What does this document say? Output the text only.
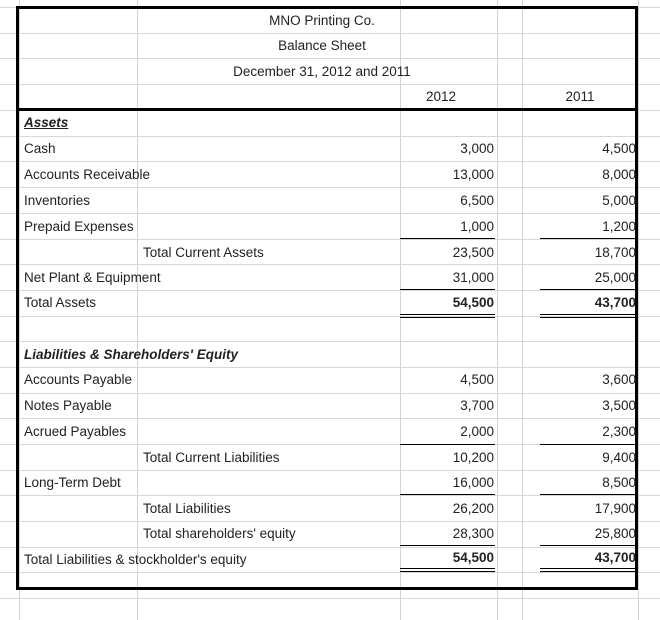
MNO Printing Co.
Balance Sheet
December 31, 2012 and 2011
2012	2011
Assets
Cash	3,000	4,500
Accounts Receivable	13,000	8,000
Inventories	6,500	5,000
Prepaid Expenses	1,000	1,200
Total Current Assets	23,500	18,700
Net Plant & Equipment	31,000	25,000
Total Assets	54,500	43,700
Liabilities & Shareholders' Equity
Accounts Payable	4,500	3,600
Notes Payable	3,700	3,500
Acrued Payables	2,000	2,300
Total Current Liabilities	10,200	9,400
Long-Term Debt	16,000	8,500
Total Liabilities	26,200	17,900
Total shareholders' equity	28,300	25,800
Total Liabilities & stockholder's equity	54,500	43,700
